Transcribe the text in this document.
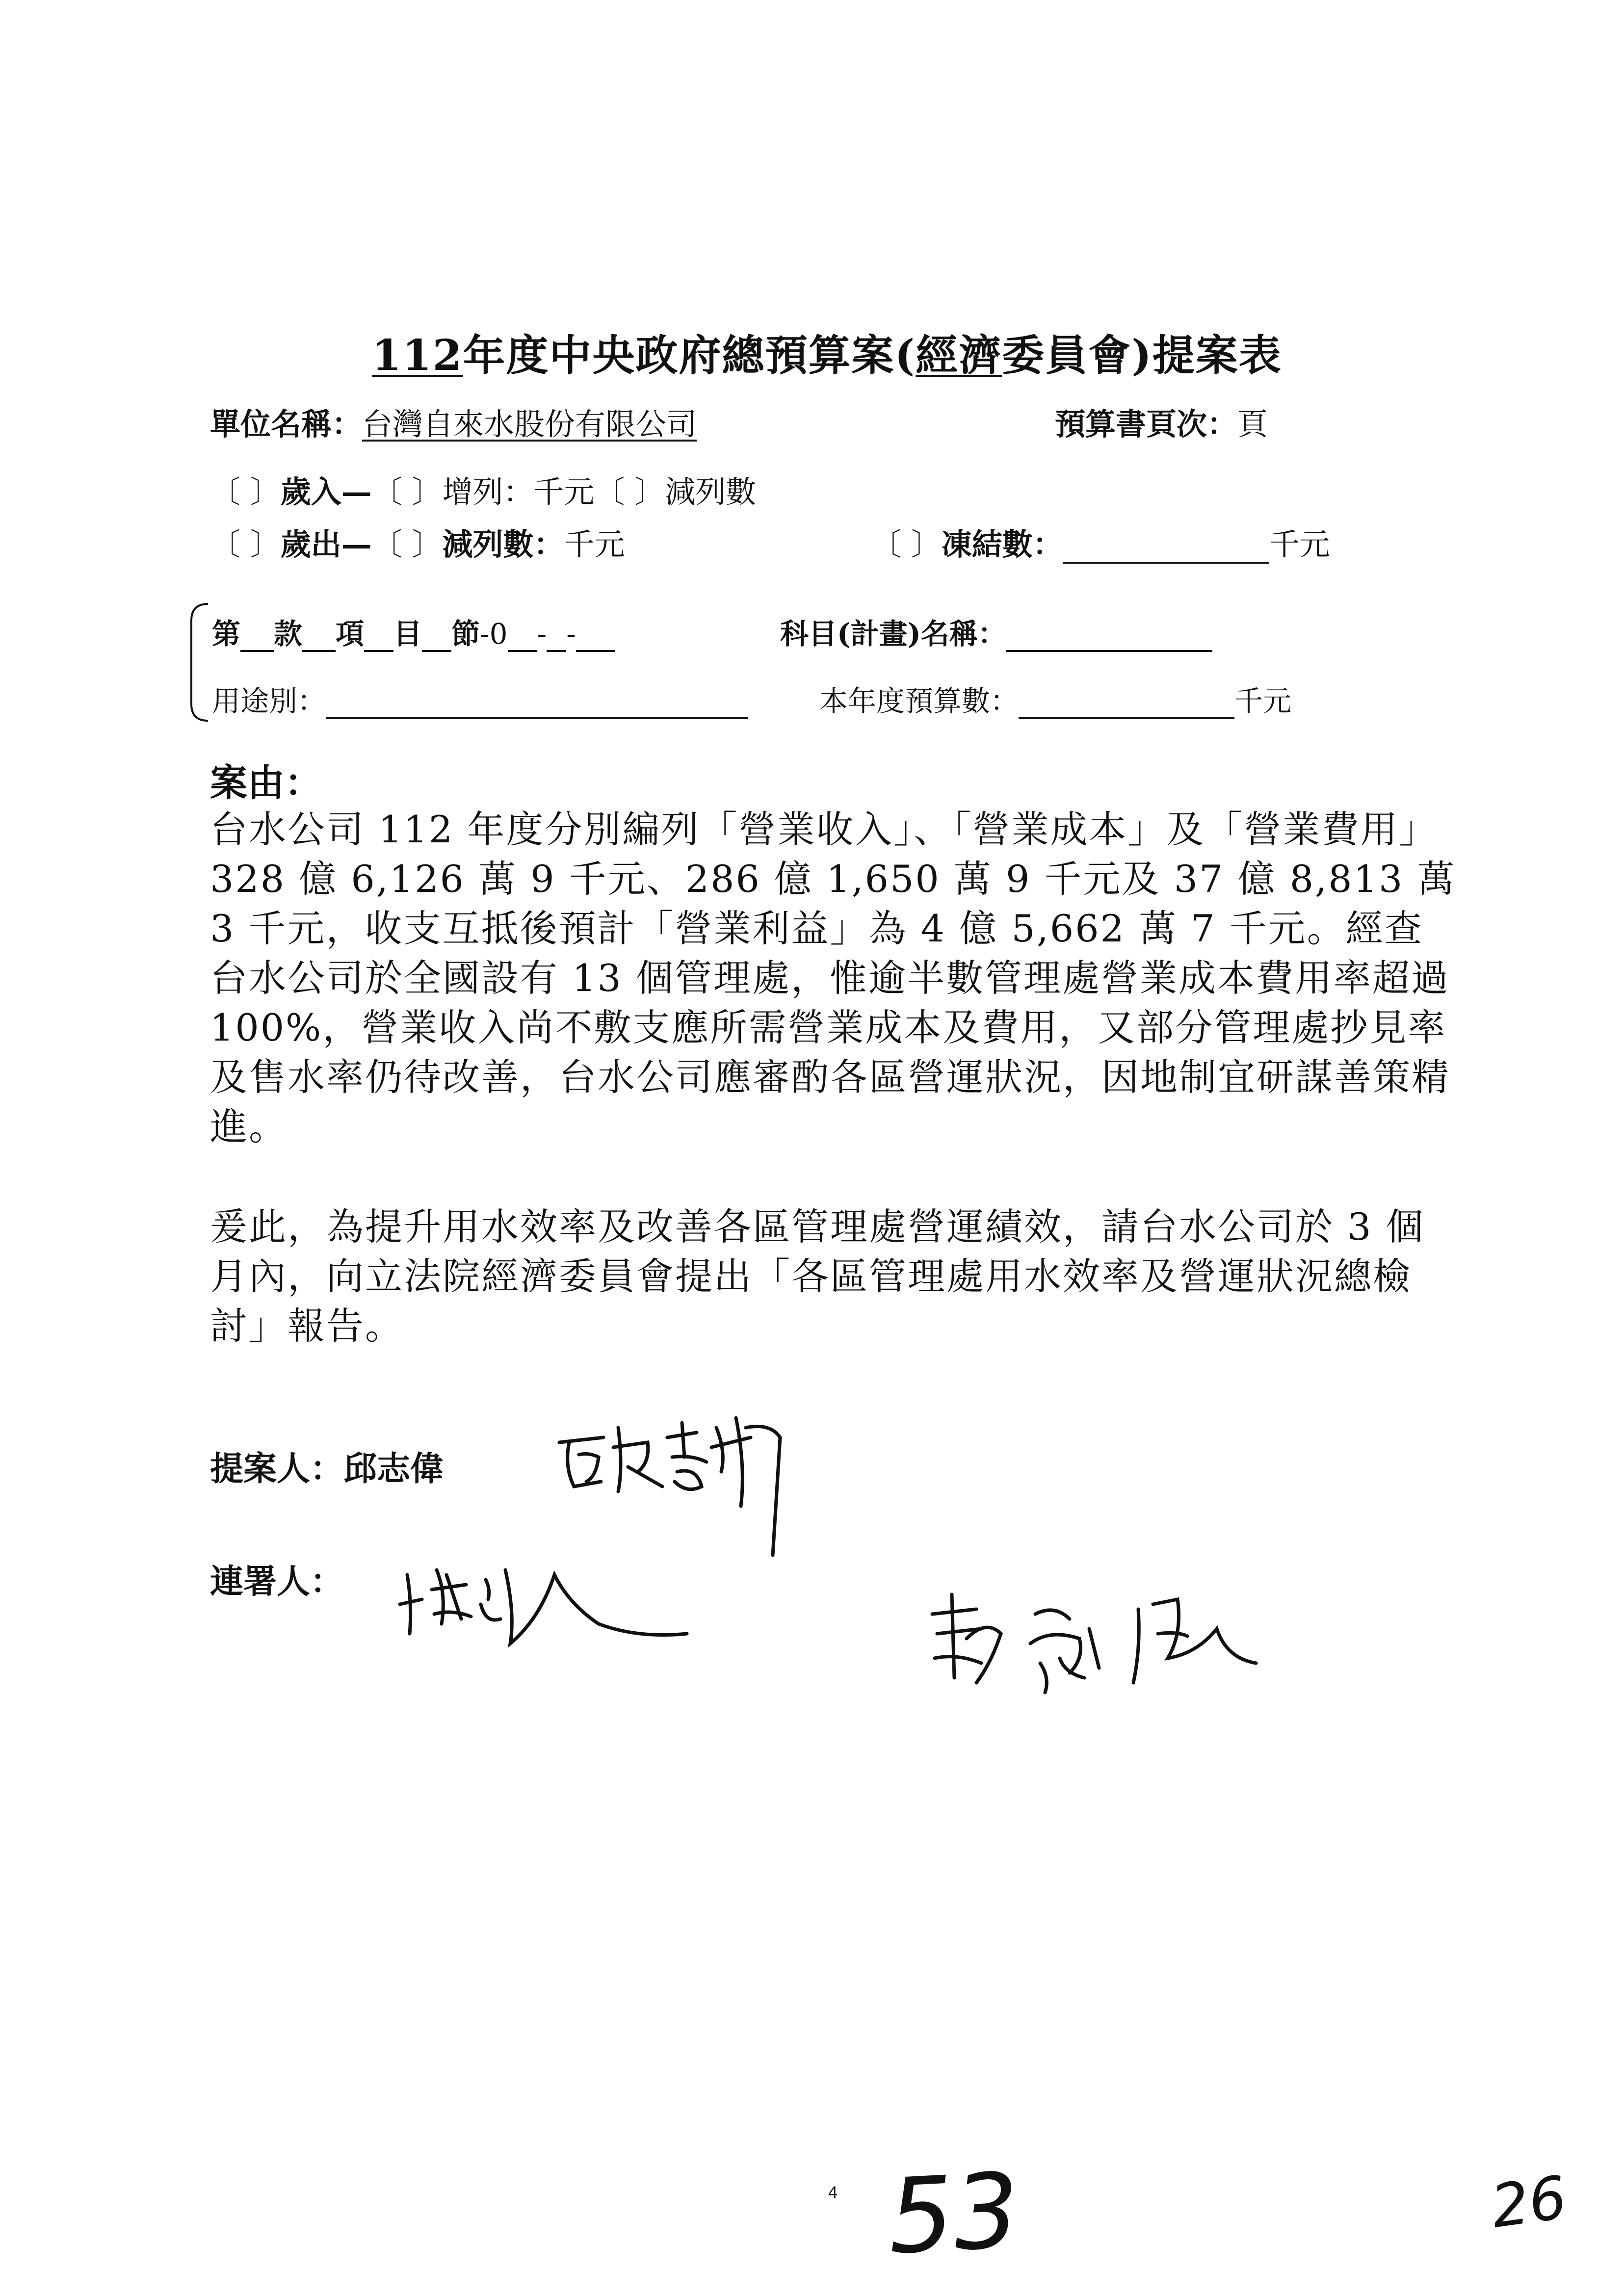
112年度中央政府總預算案(經濟委員會)提案表
單位名稱：台灣自來水股份有限公司	預算書頁次：頁
〔 〕歲入—〔 〕增列：千元〔 〕減列數
〔 〕歲出—〔 〕減列數：千元	〔 〕凍結數：	千元
第 款 項 目 節-0 - -	科目(計畫)名稱：
用途別：	本年度預算數：	千元
案由：

台水公司 112 年度分別編列「營業收入」、「營業成本」及「營業費用」328 億 6,126 萬 9 千元、286 億 1,650 萬 9 千元及 37 億 8,813 萬 3 千元，收支互抵後預計「營業利益」為 4 億 5,662 萬 7 千元。經查台水公司於全國設有 13 個管理處，惟逾半數管理處營業成本費用率超過 100%，營業收入尚不敷支應所需營業成本及費用，又部分管理處抄見率及售水率仍待改善，台水公司應審酌各區營運狀況，因地制宜研謀善策精進。

爰此，為提升用水效率及改善各區管理處營運績效，請台水公司於 3 個月內，向立法院經濟委員會提出「各區管理處用水效率及營運狀況總檢討」報告。

提案人：邱志偉
連署人：
4 53	26
